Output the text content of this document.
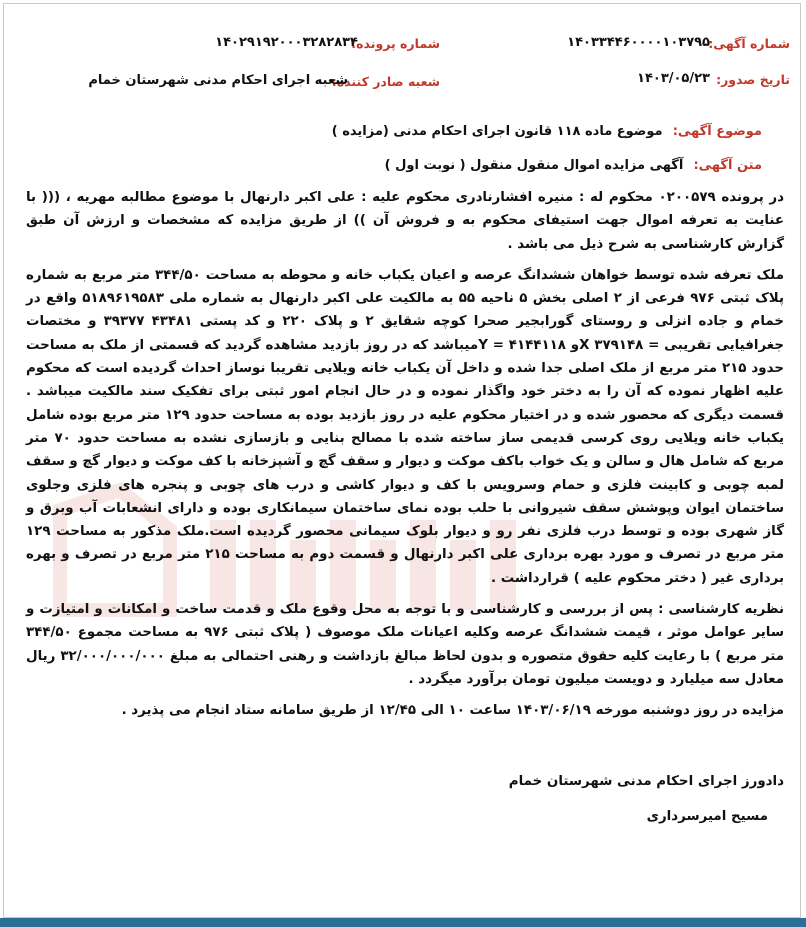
شماره آگهی:
۱۴۰۳۳۴۴۶۰۰۰۰۱۰۳۷۹۵
شماره پرونده:
۱۴۰۲۹۱۹۲۰۰۰۳۲۸۲۸۳۴
تاریخ صدور:
۱۴۰۳/۰۵/۲۳
شعبه صادر کننده:
شعبه اجرای احکام مدنی شهرستان خمام
موضوع آگهی: موضوع ماده ۱۱۸ قانون اجرای احکام مدنی (مزایده )
متن آگهی: آگهی مزایده اموال منقول منقول ( نوبت اول )

در پرونده ۰۲۰۰۵۷۹ محکوم له : منیره افشارنادری محکوم علیه : علی اکبر دارنهال با موضوع مطالبه مهریه ، ((( با عنایت به تعرفه اموال جهت استیفای محکوم به و فروش آن )) از طریق مزایده که مشخصات و ارزش آن طبق گزارش کارشناسی به شرح ذیل می باشد .

ملک تعرفه شده توسط خواهان ششدانگ عرصه و اعیان یکباب خانه و محوطه به مساحت ۳۴۴/۵۰ متر مربع به شماره پلاک ثبتی ۹۷۶ فرعی از ۲ اصلی بخش ۵ ناحیه ۵۵ به مالکیت علی اکبر دارنهال به شماره ملی ۵۱۸۹۶۱۹۵۸۳ واقع در خمام و جاده انزلی و روستای گورابجیر صحرا کوچه شقایق ۲ و پلاک ۲۲۰ و کد پستی ۴۳۴۸۱ ۳۹۳۷۷ و مختصات جغرافیایی تقریبی = X ۳۷۹۱۴۸و ۴۱۴۴۱۱۸ = Yمیباشد که در روز بازدید مشاهده گردید که قسمتی از ملک به مساحت حدود ۲۱۵ متر مربع از ملک اصلی جدا شده و داخل آن یکباب خانه ویلایی تقریبا نوساز احداث گردیده است که محکوم علیه اظهار نموده که آن را به دختر خود واگذار نموده و در حال انجام امور ثبتی برای تفکیک سند مالکیت میباشد . قسمت دیگری که محصور شده و در اختیار محکوم علیه در روز بازدید بوده به مساحت حدود ۱۲۹ متر مربع بوده شامل یکباب خانه ویلایی روی کرسی قدیمی ساز ساخته شده با مصالح بنایی و بازسازی نشده به مساحت حدود ۷۰ متر مربع که شامل هال و سالن و یک خواب باکف موکت و دیوار و سقف گچ و آشپزخانه با کف موکت و دیوار گچ و سقف لمبه چوبی و کابینت فلزی و حمام وسرویس با کف و دیوار کاشی و درب های چوبی و پنجره های فلزی وجلوی ساختمان ایوان وپوشش سقف شیروانی با حلب بوده نمای ساختمان سیمانکاری بوده و دارای انشعابات آب وبرق و گاز شهری بوده و توسط درب فلزی نفر رو و دیوار بلوک سیمانی محصور گردیده است.ملک مذکور به مساحت ۱۲۹ متر مربع در تصرف و مورد بهره برداری علی اکبر دارنهال و قسمت دوم به مساحت ۲۱۵ متر مربع در تصرف و بهره برداری غیر ( دختر محکوم علیه ) قرارداشت .

نظریه کارشناسی : پس از بررسی و کارشناسی و با توجه به محل وقوع ملک و قدمت ساخت و امکانات و امتیازت و سایر عوامل موثر ، قیمت ششدانگ عرصه وکلیه اعیانات ملک موصوف ( پلاک ثبتی ۹۷۶ به مساحت مجموع ۳۴۴/۵۰ متر مربع ) با رعایت کلیه حقوق متصوره و بدون لحاظ مبالغ بازداشت و رهنی احتمالی به مبلغ ۳۲/۰۰۰/۰۰۰/۰۰۰ ریال معادل سه میلیارد و دویست میلیون تومان برآورد میگردد .

مزایده در روز دوشنبه مورخه ۱۴۰۳/۰۶/۱۹ ساعت ۱۰ الی ۱۲/۴۵ از طریق سامانه ستاد انجام می پذیرد .

دادورز اجرای احکام مدنی شهرستان خمام
مسیح امیرسرداری
